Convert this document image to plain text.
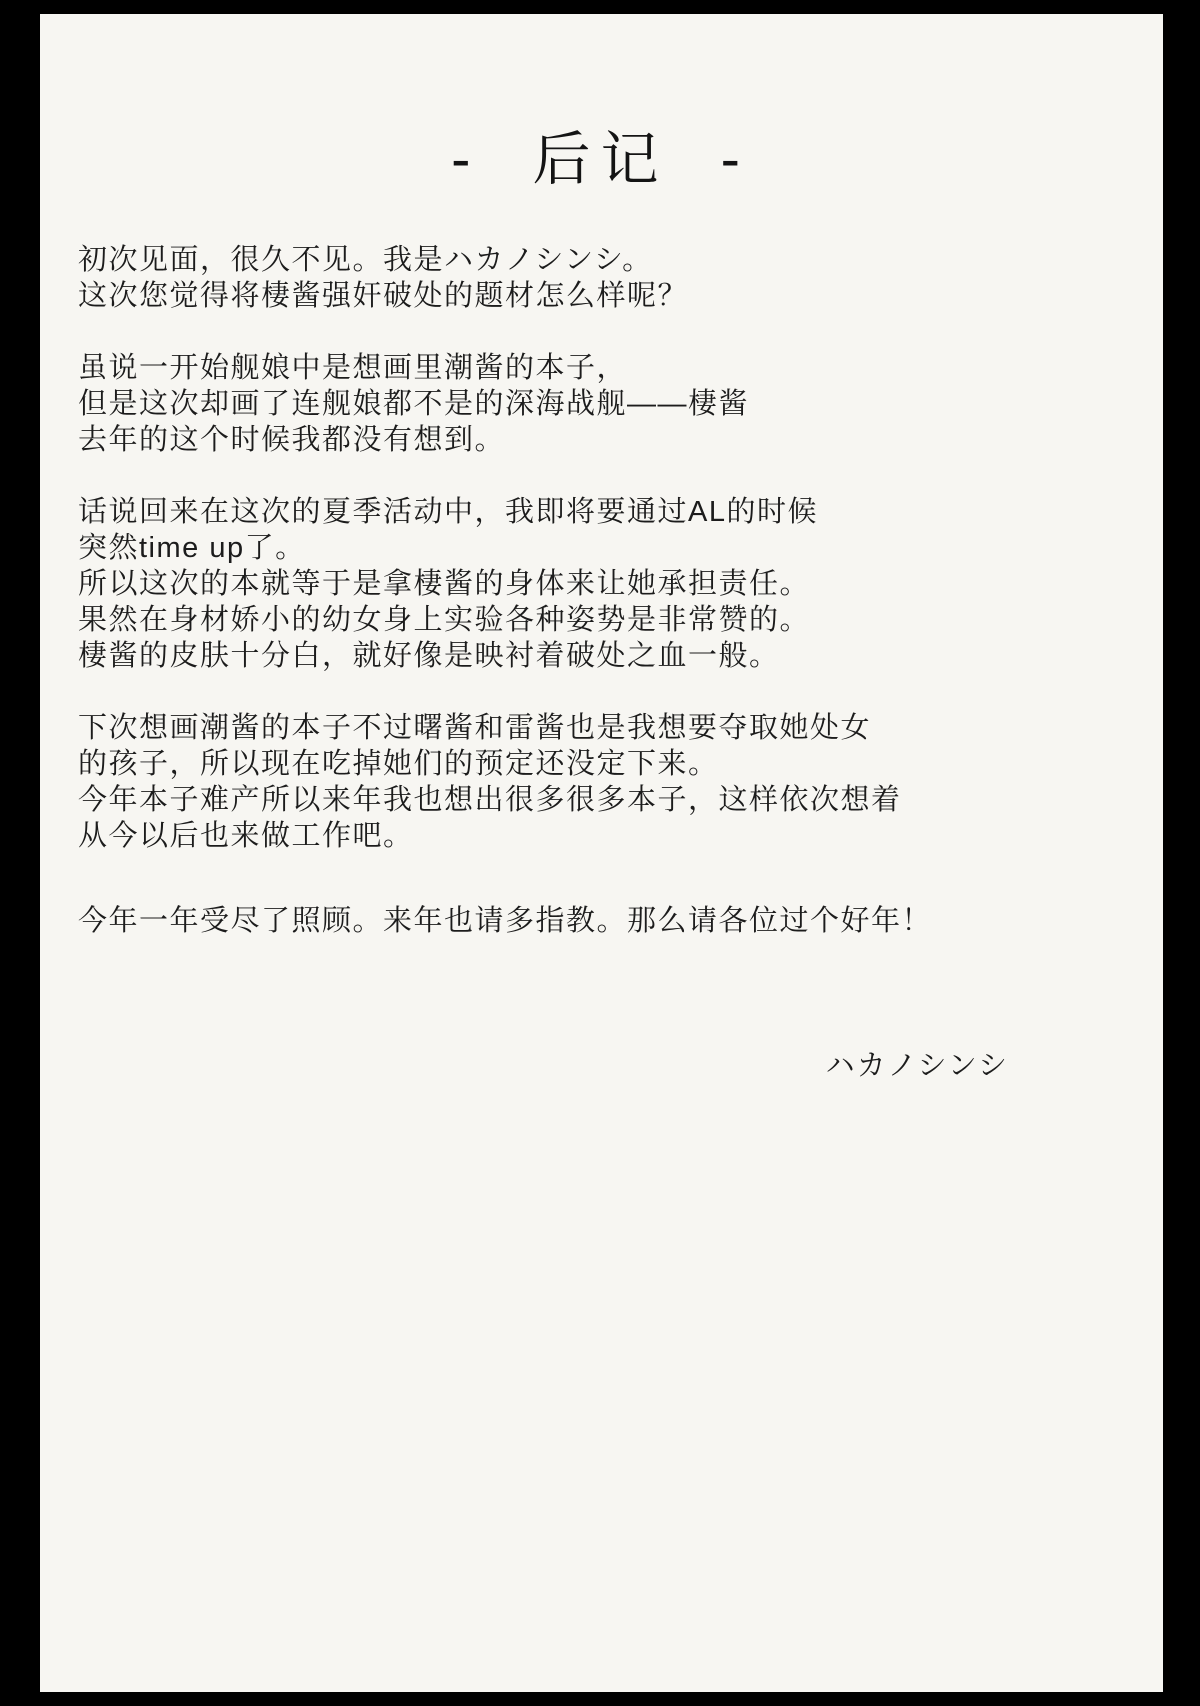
- 后记 -
初次见面，很久不见。我是ハカノシンシ。
这次您觉得将棲酱强奸破处的题材怎么样呢？
虽说一开始舰娘中是想画里潮酱的本子，
但是这次却画了连舰娘都不是的深海战舰——棲酱
去年的这个时候我都没有想到。
话说回来在这次的夏季活动中，我即将要通过AL的时候
突然time up了。
所以这次的本就等于是拿棲酱的身体来让她承担责任。
果然在身材娇小的幼女身上实验各种姿势是非常赞的。
棲酱的皮肤十分白，就好像是映衬着破处之血一般。
下次想画潮酱的本子不过曙酱和雷酱也是我想要夺取她处女
的孩子，所以现在吃掉她们的预定还没定下来。
今年本子难产所以来年我也想出很多很多本子，这样依次想着
从今以后也来做工作吧。
今年一年受尽了照顾。来年也请多指教。那么请各位过个好年！
ハカノシンシ
